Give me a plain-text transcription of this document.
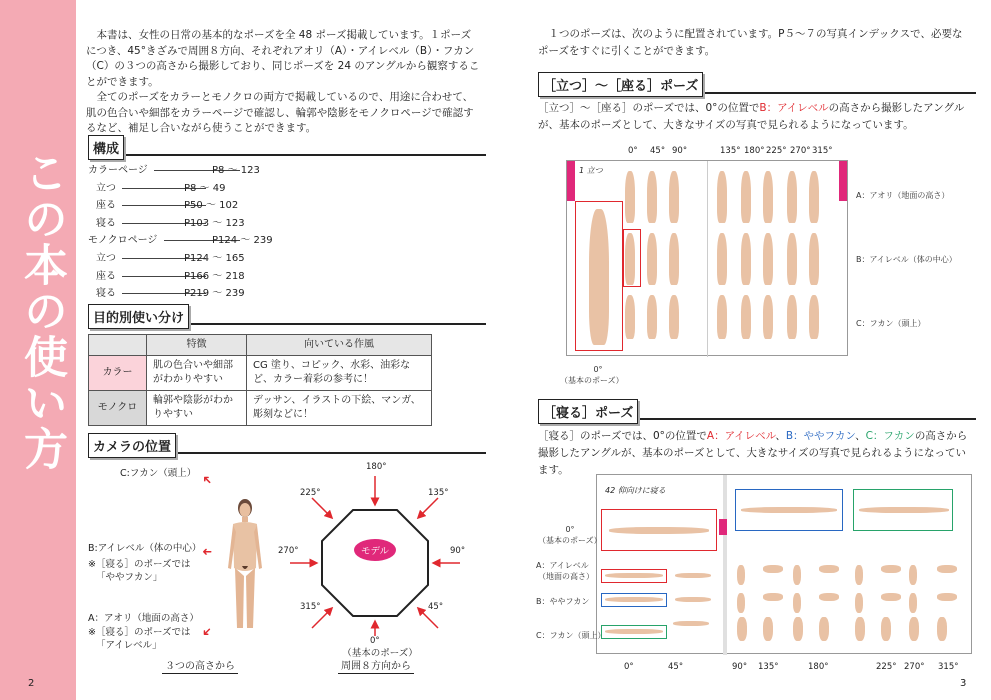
この本の使い方
2

本書は、女性の日常の基本的なポーズを全 48 ポーズ掲載しています。１ポーズにつき、45°きざみで周囲８方向、それぞれアオリ（A）・アイレベル（B）・フカン（C）の３つの高さから撮影しており、同じポーズを 24 のアングルから観察することができます。

全てのポーズをカラーとモノクロの両方で掲載しているので、用途に合わせて、肌の色合いや細部をカラーページで確認し、輪郭や陰影をモノクロページで確認するなど、補足し合いながら使うことができます。

構成
カラーページ	P8 ～ 123
立つ	P8 ～ 49
座る	P50 ～ 102
寝る	P103 ～ 123
モノクロページ	P124 ～ 239
立つ	P124 ～ 165
座る	P166 ～ 218
寝る	P219 ～ 239
目的別使い分け
	特徴	向いている作風
カラー	肌の色合いや細部がわかりやすい	CG 塗り、コピック、水彩、油彩など、カラー着彩の参考に！
モノクロ	輪郭や陰影がわかりやすい	デッサン、イラストの下絵、マンガ、彫刻などに！
カメラの位置
C:フカン（頭上） ➜
B:アイレベル（体の中心）
※［寝る］のポーズでは
「ややフカン」
➜
A：アオリ（地面の高さ）
※［寝る］のポーズでは
「アイレベル」
➜
３つの高さから
180°
225°	135°
270°	90°
315°	45°
モデル
0°
（基本のポーズ）
周囲８方向から
3
１つのポーズは、次のように配置されています。P５～７の写真インデックスで、必要なポーズをすぐに引くことができます。
［立つ］～［座る］ポーズ
［立つ］～［座る］のポーズでは、0°の位置でB：アイレベルの高さから撮影したアングルが、基本のポーズとして、大きなサイズの写真で見られるようになっています。
0° 45° 90°	135° 180° 225° 270° 315°
1 立つ
A：アオリ（地面の高さ）
B：アイレベル（体の中心）
C：フカン（頭上）
0°
（基本のポーズ）
［寝る］ポーズ
［寝る］のポーズでは、0°の位置でA：アイレベル、B：ややフカン、C：フカンの高さから撮影したアングルが、基本のポーズとして、大きなサイズの写真で見られるようになっています。
42 仰向けに寝る
0°
（基本のポーズ）
A：アイレベル
（地面の高さ）
B：ややフカン
C：フカン（頭上）
0°	45°	90° 135°	180°	225° 270° 315°
